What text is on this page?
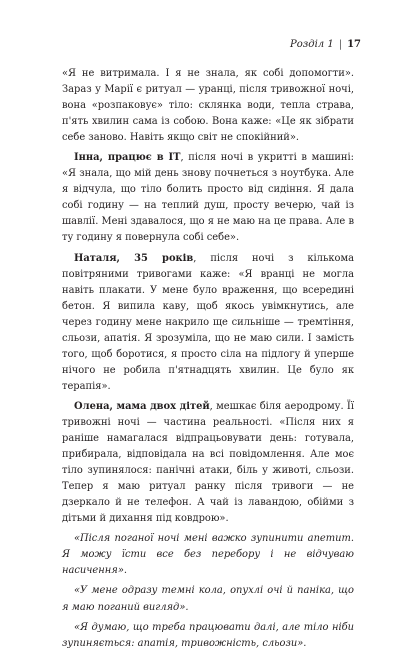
Розділ 1 | 17

«Я не витримала. І я не знала, як собі допомогти». Зараз у Марії є ритуал — уранці, після тривожної ночі, вона «розпаковує» тіло: склянка води, тепла страва, п'ять хвилин сама із собою. Вона каже: «Це як зібрати себе заново. Навіть якщо світ не спокійний».

Інна, працює в ІТ, після ночі в укритті в машині: «Я знала, що мій день знову почнеться з ноутбука. Але я відчула, що тіло болить просто від сидіння. Я дала собі годину — на теплий душ, просту вечерю, чай із шавлії. Мені здавалося, що я не маю на це права. Але в ту годину я повернула собі себе».

Наталя, 35 років, після ночі з кількома повітряними тривогами каже: «Я вранці не могла навіть плакати. У мене було враження, що всередині бетон. Я випила каву, щоб якось увімкнутись, але через годину мене накрило ще сильніше — тремтіння, сльози, апатія. Я зрозуміла, що не маю сили. І замість того, щоб боротися, я просто сіла на підлогу й уперше нічого не робила п'ятнадцять хвилин. Це було як терапія».

Олена, мама двох дітей, мешкає біля аеродрому. Її тривожні ночі — частина реальності. «Після них я раніше намагалася відпрацьовувати день: готувала, прибирала, відповідала на всі повідомлення. Але моє тіло зупинялося: панічні атаки, біль у животі, сльози. Тепер я маю ритуал ранку після тривоги — не дзеркало й не телефон. А чай із лавандою, обійми з дітьми й дихання під ковдрою».

«Після поганої ночі мені важко зупинити апетит. Я можу їсти все без перебору і не відчуваю насичення».

«У мене одразу темні кола, опухлі очі й паніка, що я маю поганий вигляд».

«Я думаю, що треба працювати далі, але тіло ніби зупиняється: апатія, тривожність, сльози».
